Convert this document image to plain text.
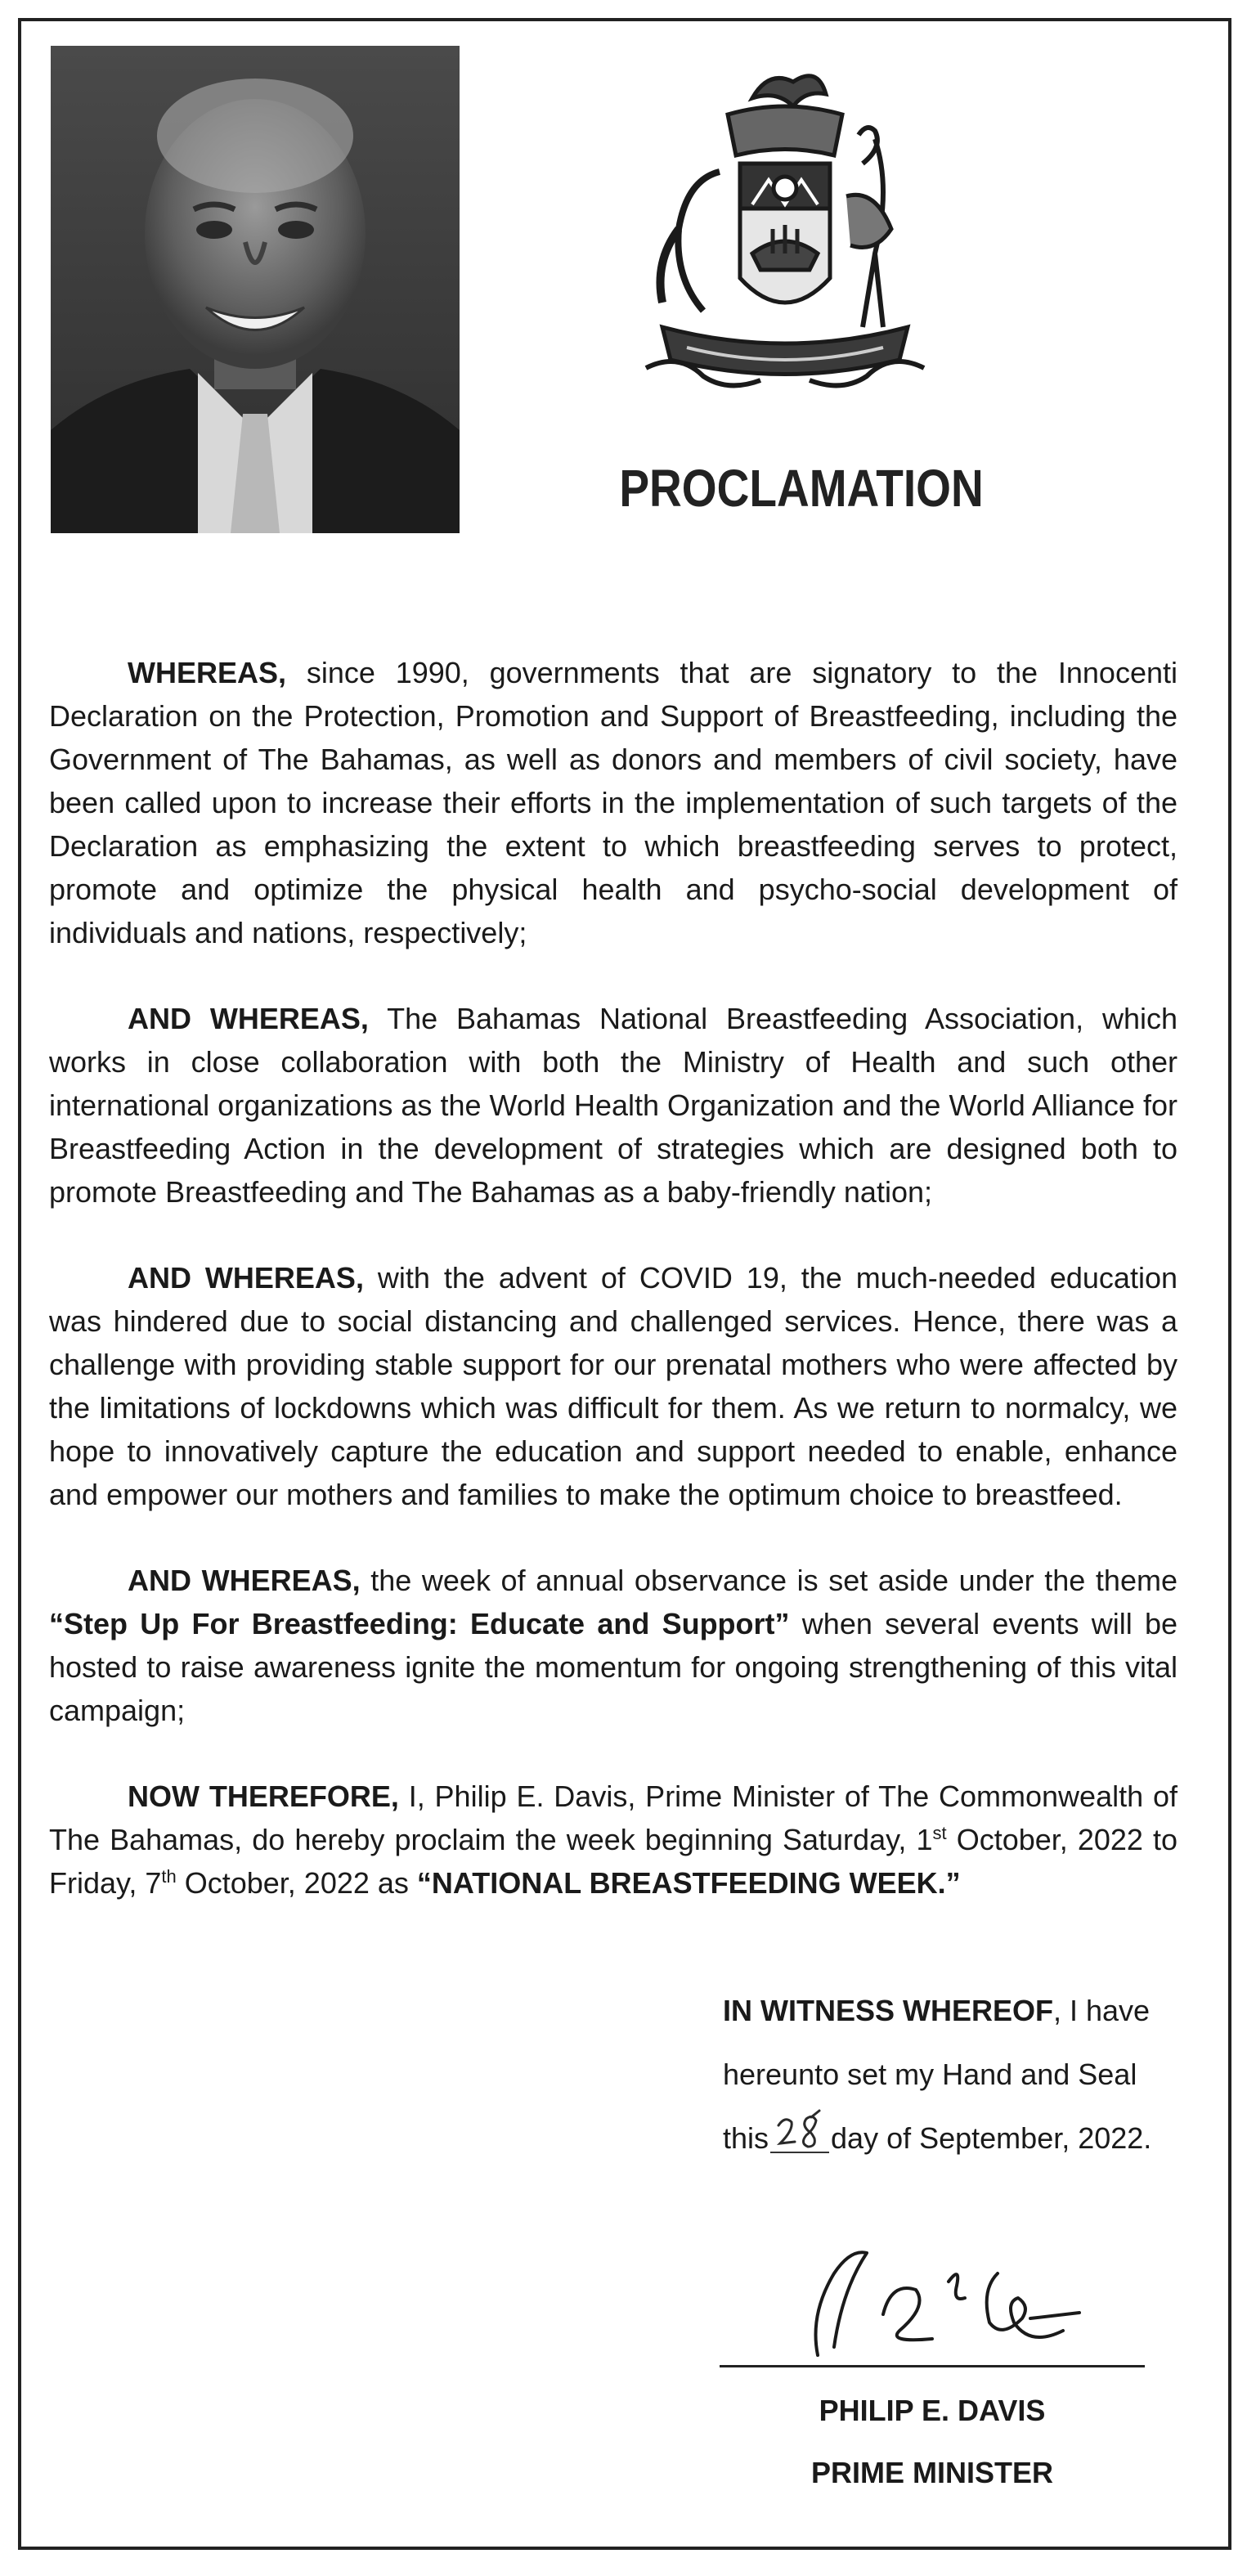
PROCLAMATION

WHEREAS, since 1990, governments that are signatory to the Innocenti Declaration on the Protection, Promotion and Support of Breastfeeding, including the Government of The Bahamas, as well as donors and members of civil society, have been called upon to increase their efforts in the implementation of such targets of the Declaration as emphasizing the extent to which breastfeeding serves to protect, promote and optimize the physical health and psycho-social development of individuals and nations, respectively;

AND WHEREAS, The Bahamas National Breastfeeding Association, which works in close collaboration with both the Ministry of Health and such other international organizations as the World Health Organization and the World Alliance for Breastfeeding Action in the development of strategies which are designed both to promote Breastfeeding and The Bahamas as a baby-friendly nation;

AND WHEREAS, with the advent of COVID 19, the much-needed education was hindered due to social distancing and challenged services. Hence, there was a challenge with providing stable support for our prenatal mothers who were affected by the limitations of lockdowns which was difficult for them. As we return to normalcy, we hope to innovatively capture the education and support needed to enable, enhance and empower our mothers and families to make the optimum choice to breastfeed.

AND WHEREAS, the week of annual observance is set aside under the theme “Step Up For Breastfeeding: Educate and Support” when several events will be hosted to raise awareness ignite the momentum for ongoing strengthening of this vital campaign;

NOW THEREFORE, I, Philip E. Davis, Prime Minister of The Commonwealth of The Bahamas, do hereby proclaim the week beginning Saturday, 1st October, 2022 to Friday, 7th October, 2022 as “NATIONAL BREASTFEEDING WEEK.”

IN WITNESS WHEREOF, I have
hereunto set my Hand and Seal
this day of September, 2022.
PHILIP E. DAVIS
PRIME MINISTER
